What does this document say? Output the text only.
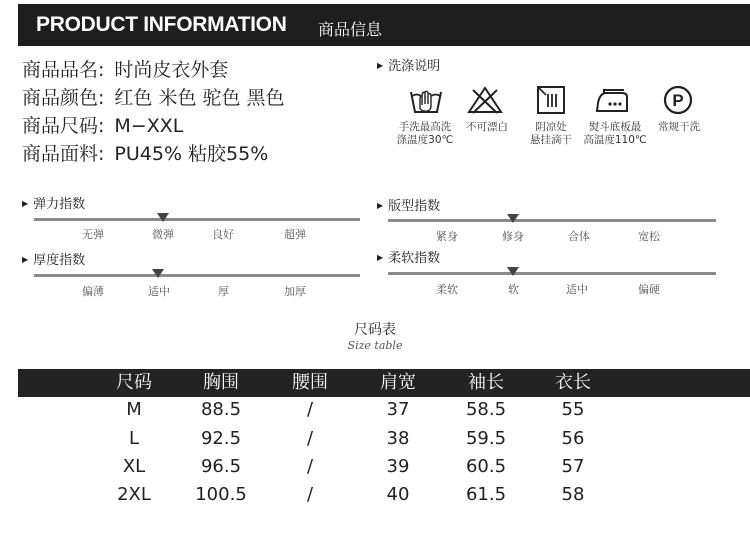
PRODUCT INFORMATION 商品信息
商品品名: 时尚皮衣外套
商品颜色: 红色 米色 驼色 黑色
商品尺码: M−XXL
商品面料: PU45% 粘胶55%
▶ 洗涤说明
P
手洗最高洗
涤温度30℃
不可漂白	阴凉处
悬挂滴干
熨斗底板最
高温度110℃
常规干洗
▶ 弹力指数
无弹	微弹	良好	超弹
▶ 厚度指数
偏薄	适中	厚	加厚
▶ 版型指数
紧身	修身	合体	宽松
▶ 柔软指数
柔软	软	适中	偏硬
尺码表
Size table
尺码	胸围	腰围	肩宽	袖长	衣长
M	88.5	/	37	58.5	55
L	92.5	/	38	59.5	56
XL	96.5	/	39	60.5	57
2XL	100.5	/	40	61.5	58
